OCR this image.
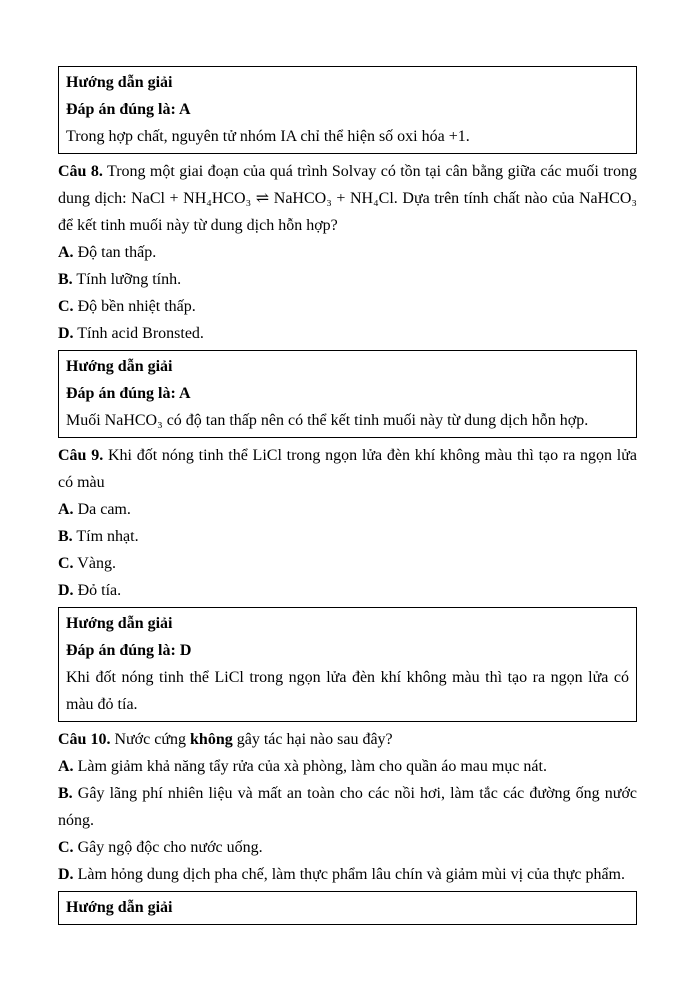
Hướng dẫn giải

Đáp án đúng là: A

Trong hợp chất, nguyên tử nhóm IA chỉ thể hiện số oxi hóa +1.

Câu 8. Trong một giai đoạn của quá trình Solvay có tồn tại cân bằng giữa các muối trong dung dịch: NaCl + NH₄HCO₃ ⇌ NaHCO₃ + NH₄Cl. Dựa trên tính chất nào của NaHCO₃ để kết tinh muối này từ dung dịch hỗn hợp?

A. Độ tan thấp.

B. Tính lưỡng tính.

C. Độ bền nhiệt thấp.

D. Tính acid Bronsted.

Hướng dẫn giải

Đáp án đúng là: A

Muối NaHCO₃ có độ tan thấp nên có thể kết tinh muối này từ dung dịch hỗn hợp.

Câu 9. Khi đốt nóng tinh thể LiCl trong ngọn lửa đèn khí không màu thì tạo ra ngọn lửa có màu

A. Da cam.

B. Tím nhạt.

C. Vàng.

D. Đỏ tía.

Hướng dẫn giải

Đáp án đúng là: D

Khi đốt nóng tinh thể LiCl trong ngọn lửa đèn khí không màu thì tạo ra ngọn lửa có màu đỏ tía.

Câu 10. Nước cứng không gây tác hại nào sau đây?

A. Làm giảm khả năng tẩy rửa của xà phòng, làm cho quần áo mau mục nát.

B. Gây lãng phí nhiên liệu và mất an toàn cho các nồi hơi, làm tắc các đường ống nước nóng.

C. Gây ngộ độc cho nước uống.

D. Làm hỏng dung dịch pha chế, làm thực phẩm lâu chín và giảm mùi vị của thực phẩm.

Hướng dẫn giải
